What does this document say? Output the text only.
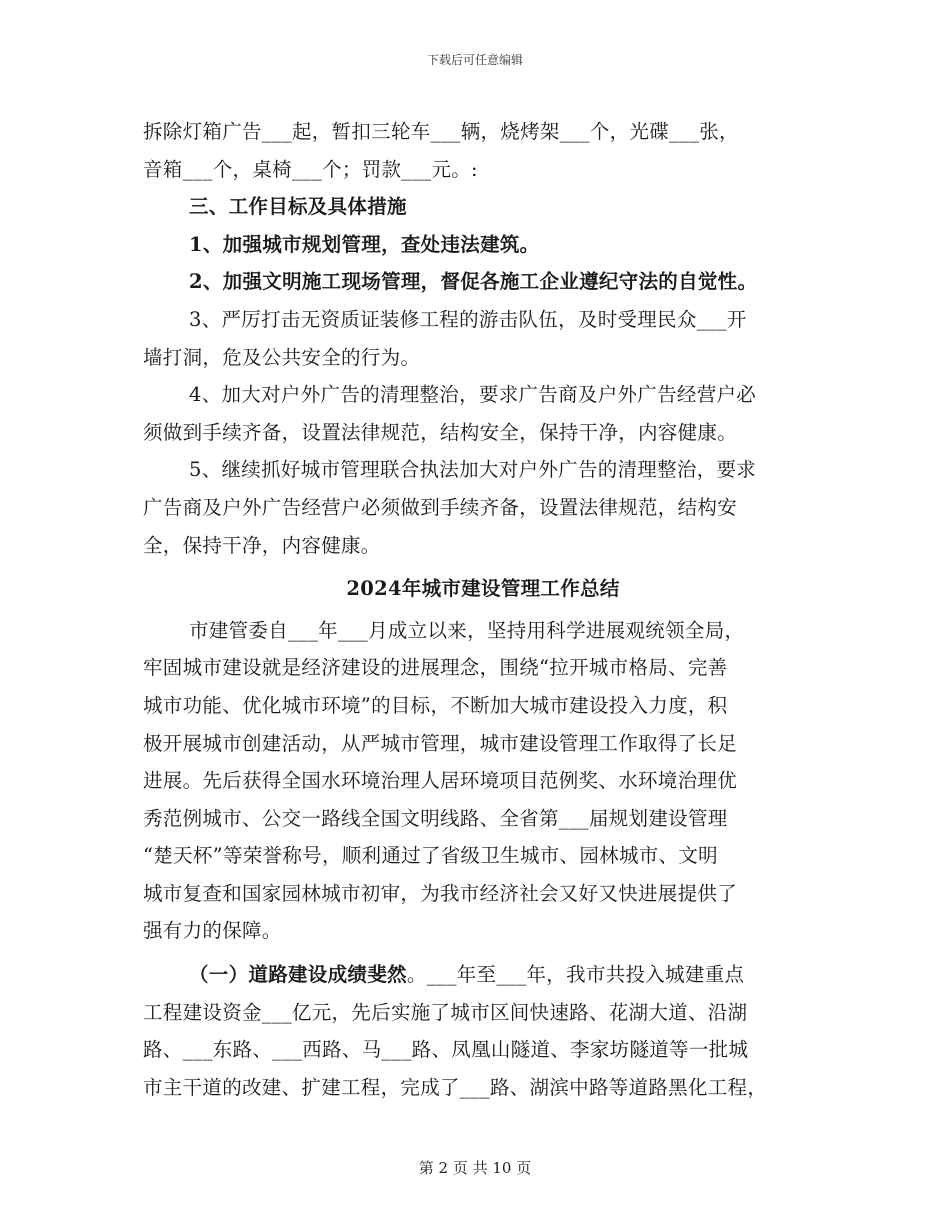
下载后可任意编辑
拆除灯箱广告___起，暂扣三轮车___辆，烧烤架___个，光碟___张，
音箱___个，桌椅___个；罚款___元。:
三、工作目标及具体措施
1、加强城市规划管理，查处违法建筑。
2、加强文明施工现场管理，督促各施工企业遵纪守法的自觉性。
3、严厉打击无资质证装修工程的游击队伍，及时受理民众___开
墙打洞，危及公共安全的行为。
4、加大对户外广告的清理整治，要求广告商及户外广告经营户必
须做到手续齐备，设置法律规范，结构安全，保持干净，内容健康。
5、继续抓好城市管理联合执法加大对户外广告的清理整治，要求
广告商及户外广告经营户必须做到手续齐备，设置法律规范，结构安
全，保持干净，内容健康。
2024年城市建设管理工作总结
市建管委自___年___月成立以来，坚持用科学进展观统领全局，
牢固城市建设就是经济建设的进展理念，围绕“拉开城市格局、完善
城市功能、优化城市环境”的目标，不断加大城市建设投入力度，积
极开展城市创建活动，从严城市管理，城市建设管理工作取得了长足
进展。先后获得全国水环境治理人居环境项目范例奖、水环境治理优
秀范例城市、公交一路线全国文明线路、全省第___届规划建设管理
“楚天杯”等荣誉称号，顺利通过了省级卫生城市、园林城市、文明
城市复查和国家园林城市初审，为我市经济社会又好又快进展提供了
强有力的保障。
（一）道路建设成绩斐然。___年至___年，我市共投入城建重点
工程建设资金___亿元，先后实施了城市区间快速路、花湖大道、沿湖
路、___东路、___西路、马___路、凤凰山隧道、李家坊隧道等一批城
市主干道的改建、扩建工程，完成了___路、湖滨中路等道路黑化工程，
第 2 页 共 10 页
